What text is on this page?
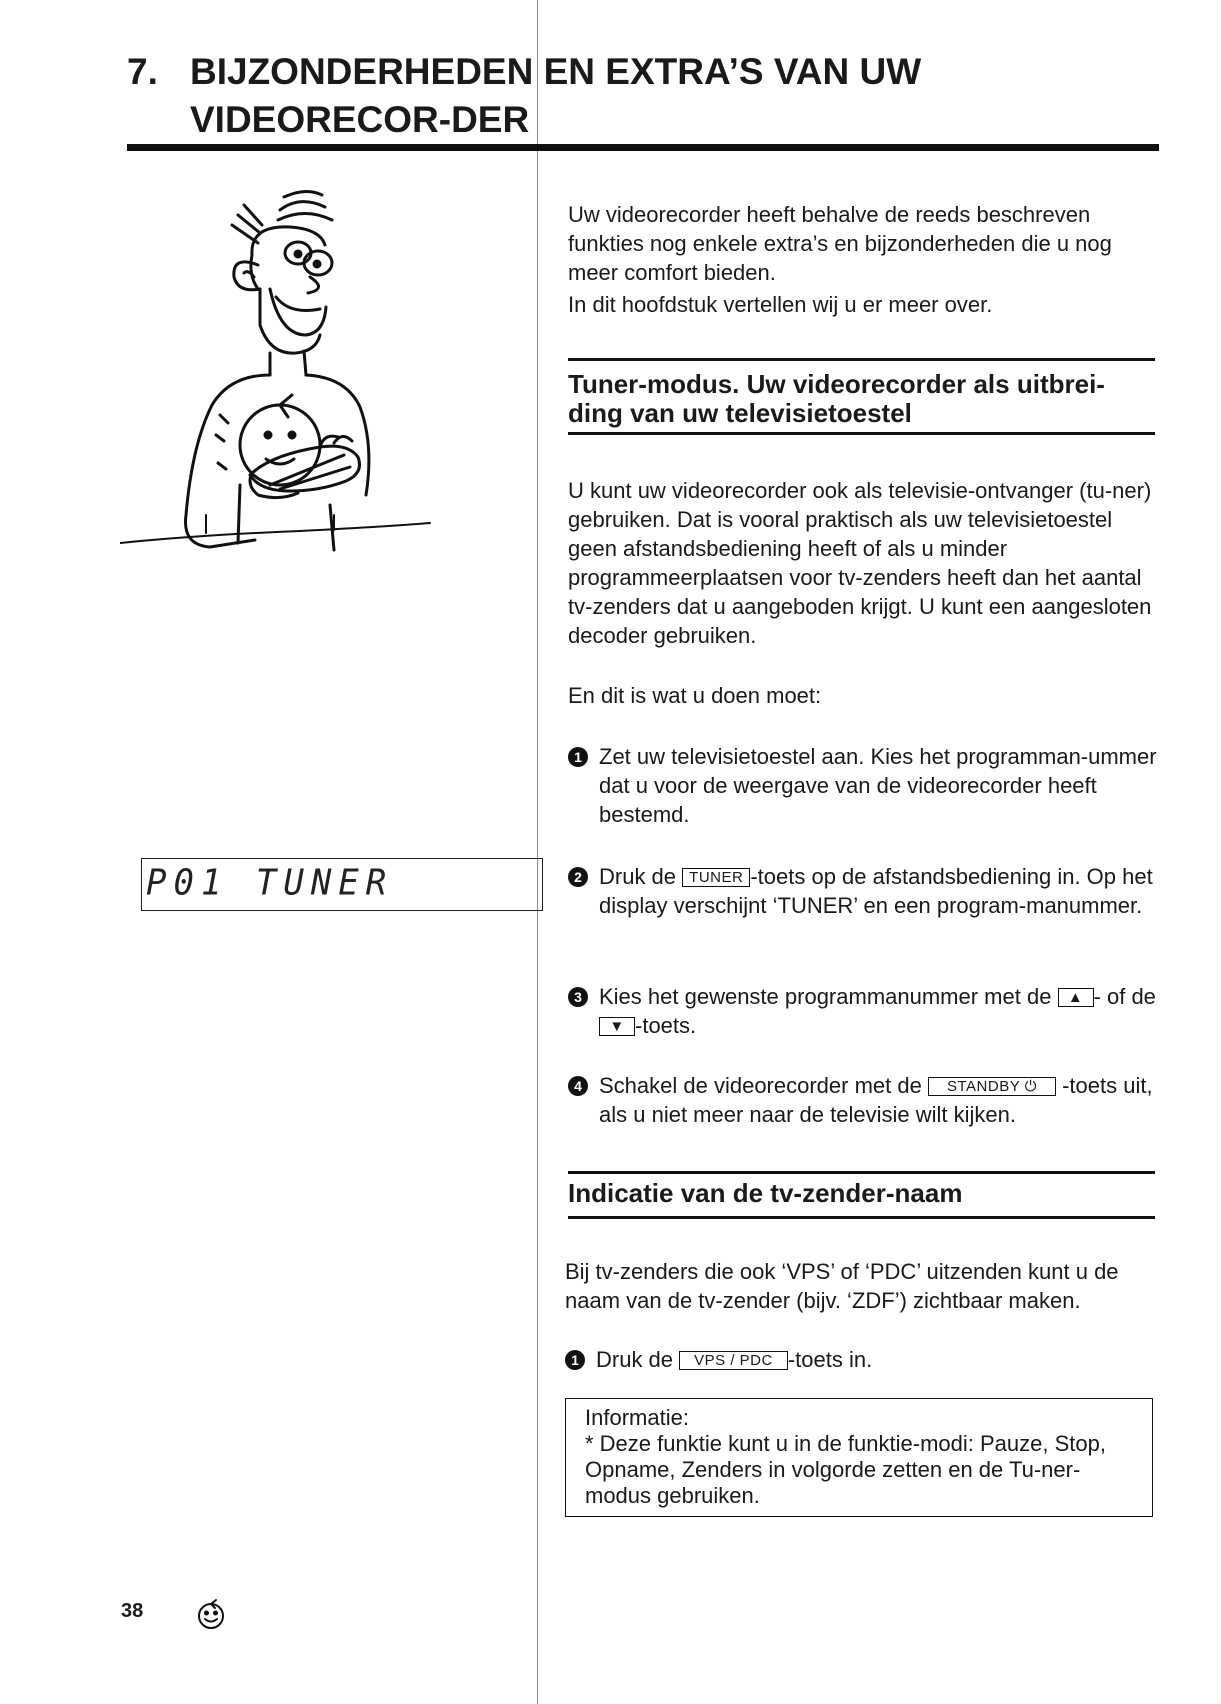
7. BIJZONDERHEDEN EN EXTRA’S VAN UW VIDEORECOR-DER
Uw videorecorder heeft behalve de reeds beschreven funkties nog enkele extra’s en bijzonderheden die u nog meer comfort bieden.
In dit hoofdstuk vertellen wij u er meer over.
Tuner-modus. Uw videorecorder als uitbrei-ding van uw televisietoestel
U kunt uw videorecorder ook als televisie-ontvanger (tu-ner) gebruiken. Dat is vooral praktisch als uw televisietoestel geen afstandsbediening heeft of als u minder programmeerplaatsen voor tv-zenders heeft dan het aantal tv-zenders dat u aangeboden krijgt. U kunt een aangesloten decoder gebruiken.
En dit is wat u doen moet:
1 Zet uw televisietoestel aan. Kies het programman-ummer dat u voor de weergave van de videorecorder heeft bestemd.
P01 TUNER	2 Druk de TUNER -toets op de afstandsbediening in. Op het display verschijnt ‘TUNER’ en een program-manummer.
3 Kies het gewenste programmanummer met de ▲ - of de ▼ -toets.
4 Schakel de videorecorder met de STANDBY ⏻ -toets uit, als u niet meer naar de televisie wilt kijken.
Indicatie van de tv-zender-naam
Bij tv-zenders die ook ‘VPS’ of ‘PDC’ uitzenden kunt u de naam van de tv-zender (bijv. ‘ZDF’) zichtbaar maken.
1 Druk de VPS / PDC -toets in.
Informatie:
* Deze funktie kunt u in de funktie-modi: Pauze, Stop, Opname, Zenders in volgorde zetten en de Tu-ner-modus gebruiken.
38
